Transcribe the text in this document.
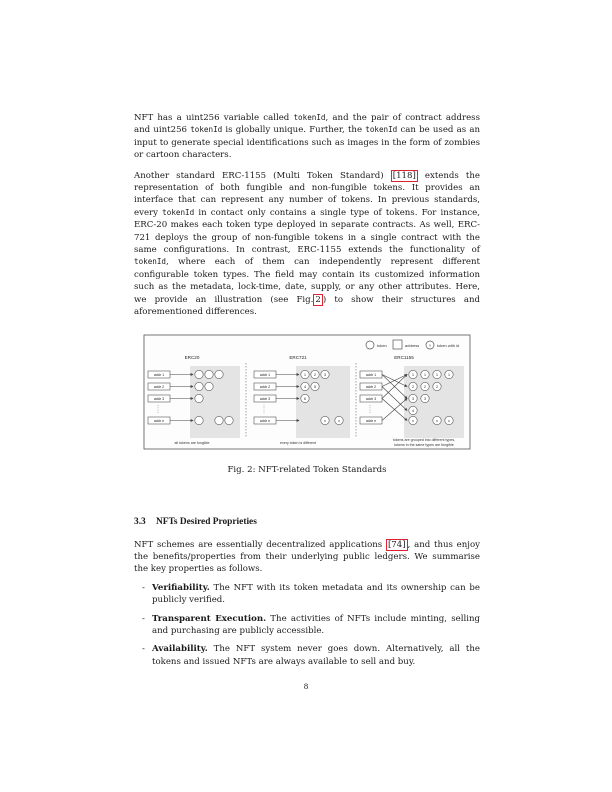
NFT has a uint256 variable called tokenId, and the pair of contract address and uint256 tokenId is globally unique. Further, the tokenId can be used as an input to generate special identifications such as images in the form of zombies or cartoon characters.

Another standard ERC-1155 (Multi Token Standard) [118] extends the representation of both fungible and non-fungible tokens. It provides an interface that can represent any number of tokens. In previous standards, every tokenId in contact only contains a single type of tokens. For instance, ERC-20 makes each token type deployed in separate contracts. As well, ERC-721 deploys the group of non-fungible tokens in a single contract with the same configurations. In contrast, ERC-1155 extends the functionality of tokenId, where each of them can independently represent different configurable token types. The field may contain its customized information such as the metadata, lock-time, date, supply, or any other attributes. Here, we provide an illustration (see Fig. 2 ) to show their structures and aforementioned differences.

token	address	x token with id
ERC20	ERC721	ERC1155
addr 1
addr 2
addr 3
addr n
all tokens are fungible
addr 1
addr 2
addr 3
addr n
1 2 3
4 5
6
x	x
every token is different
addr 1
addr 2
addr 3
addr n
1	1	1	1
2	2	2
3	3
4
x	x	x
tokens are grouped into different types,
tokens in the same types are fungible
Fig. 2: NFT-related Token Standards
3.3 NFTs Desired Proprieties

NFT schemes are essentially decentralized applications [74] , and thus enjoy the benefits/properties from their underlying public ledgers. We summarise the key properties as follows.

- Verifiability. The NFT with its token metadata and its ownership can be publicly verified.
- Transparent Execution. The activities of NFTs include minting, selling and purchasing are publicly accessible.
- Availability. The NFT system never goes down. Alternatively, all the tokens and issued NFTs are always available to sell and buy.
8
